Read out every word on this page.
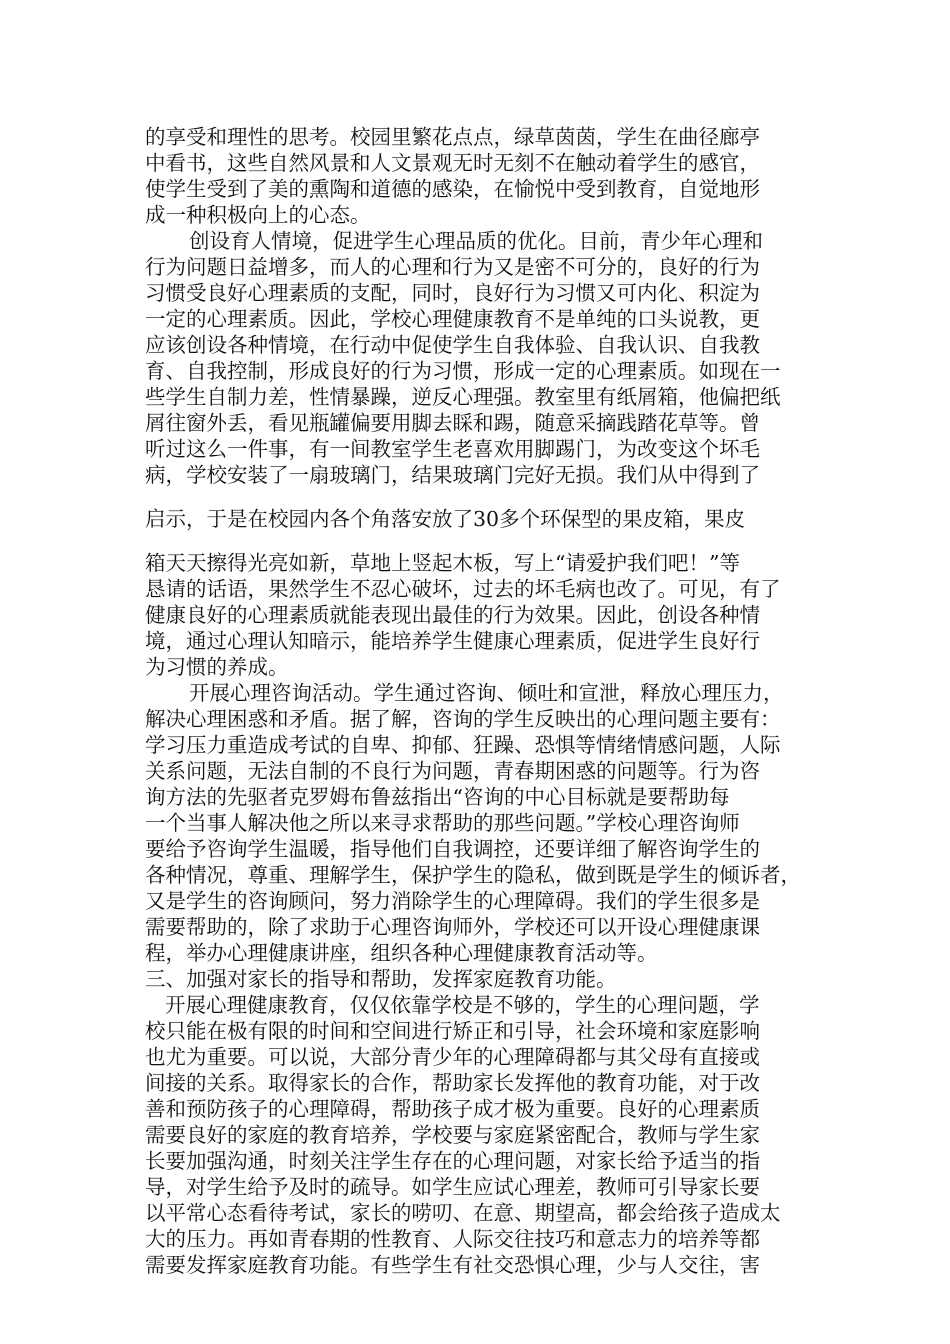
的享受和理性的思考。校园里繁花点点，绿草茵茵，学生在曲径廊亭
中看书，这些自然风景和人文景观无时无刻不在触动着学生的感官，
使学生受到了美的熏陶和道德的感染，在愉悦中受到教育，自觉地形
成一种积极向上的心态。
创设育人情境，促进学生心理品质的优化。目前，青少年心理和
行为问题日益增多，而人的心理和行为又是密不可分的，良好的行为
习惯受良好心理素质的支配，同时，良好行为习惯又可内化、积淀为
一定的心理素质。因此，学校心理健康教育不是单纯的口头说教，更
应该创设各种情境，在行动中促使学生自我体验、自我认识、自我教
育、自我控制，形成良好的行为习惯，形成一定的心理素质。如现在一
些学生自制力差，性情暴躁，逆反心理强。教室里有纸屑箱，他偏把纸
屑往窗外丢，看见瓶罐偏要用脚去睬和踢，随意采摘践踏花草等。曾
听过这么一件事，有一间教室学生老喜欢用脚踢门，为改变这个坏毛
病，学校安装了一扇玻璃门，结果玻璃门完好无损。我们从中得到了
启示，于是在校园内各个角落安放了30多个环保型的果皮箱，果皮
箱天天擦得光亮如新，草地上竖起木板，写上“请爱护我们吧！”等
恳请的话语，果然学生不忍心破坏，过去的坏毛病也改了。可见，有了
健康良好的心理素质就能表现出最佳的行为效果。因此，创设各种情
境，通过心理认知暗示，能培养学生健康心理素质，促进学生良好行
为习惯的养成。
开展心理咨询活动。学生通过咨询、倾吐和宣泄，释放心理压力，
解决心理困惑和矛盾。据了解，咨询的学生反映出的心理问题主要有：
学习压力重造成考试的自卑、抑郁、狂躁、恐惧等情绪情感问题，人际
关系问题，无法自制的不良行为问题，青春期困惑的问题等。行为咨
询方法的先驱者克罗姆布鲁兹指出“咨询的中心目标就是要帮助每
一个当事人解决他之所以来寻求帮助的那些问题。”学校心理咨询师
要给予咨询学生温暖，指导他们自我调控，还要详细了解咨询学生的
各种情况，尊重、理解学生，保护学生的隐私，做到既是学生的倾诉者，
又是学生的咨询顾问，努力消除学生的心理障碍。我们的学生很多是
需要帮助的，除了求助于心理咨询师外，学校还可以开设心理健康课
程，举办心理健康讲座，组织各种心理健康教育活动等。
三、加强对家长的指导和帮助，发挥家庭教育功能。
开展心理健康教育，仅仅依靠学校是不够的，学生的心理问题，学
校只能在极有限的时间和空间进行矫正和引导，社会环境和家庭影响
也尤为重要。可以说，大部分青少年的心理障碍都与其父母有直接或
间接的关系。取得家长的合作，帮助家长发挥他的教育功能，对于改
善和预防孩子的心理障碍，帮助孩子成才极为重要。良好的心理素质
需要良好的家庭的教育培养，学校要与家庭紧密配合，教师与学生家
长要加强沟通，时刻关注学生存在的心理问题，对家长给予适当的指
导，对学生给予及时的疏导。如学生应试心理差，教师可引导家长要
以平常心态看待考试，家长的唠叨、在意、期望高，都会给孩子造成太
大的压力。再如青春期的性教育、人际交往技巧和意志力的培养等都
需要发挥家庭教育功能。有些学生有社交恐惧心理，少与人交往，害
